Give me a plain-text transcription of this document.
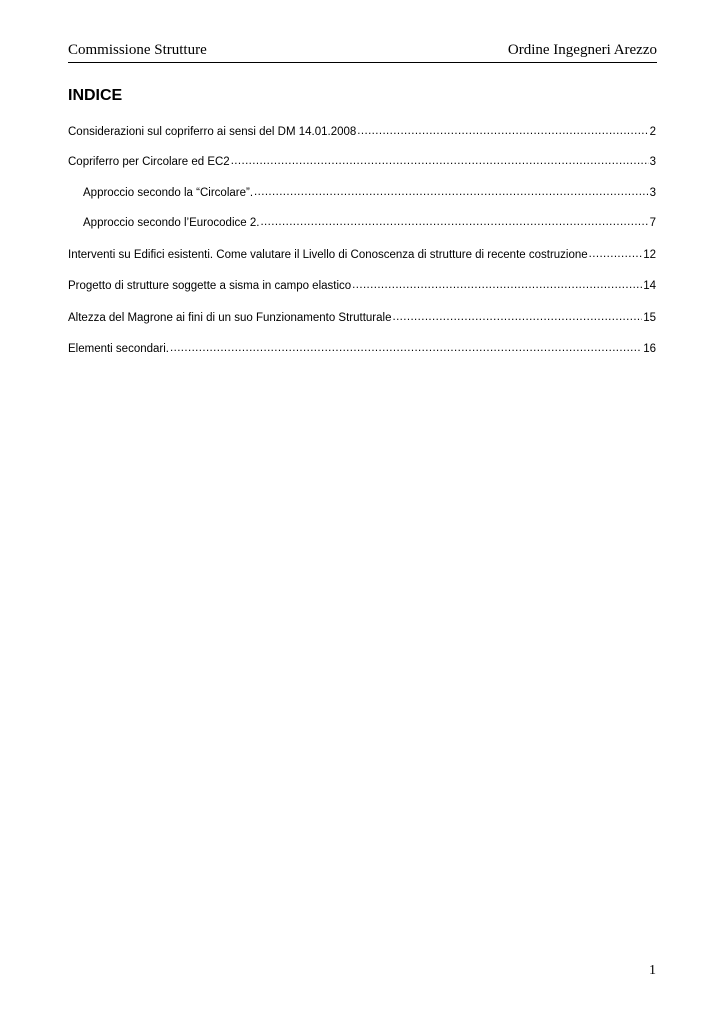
Commissione Strutture	Ordine Ingegneri Arezzo
INDICE
Considerazioni sul copriferro ai sensi del DM 14.01.2008 .....	2
Copriferro per Circolare ed EC2 .....	3
Approccio secondo la “Circolare”. .....	3
Approccio secondo l’Eurocodice 2. .....	7
Interventi su Edifici esistenti. Come valutare il Livello di Conoscenza di strutture di recente costruzione .....	12
Progetto di strutture soggette a sisma in campo elastico .....	14
Altezza del Magrone ai fini di un suo Funzionamento Strutturale .....	15
Elementi secondari. .....	16
1
